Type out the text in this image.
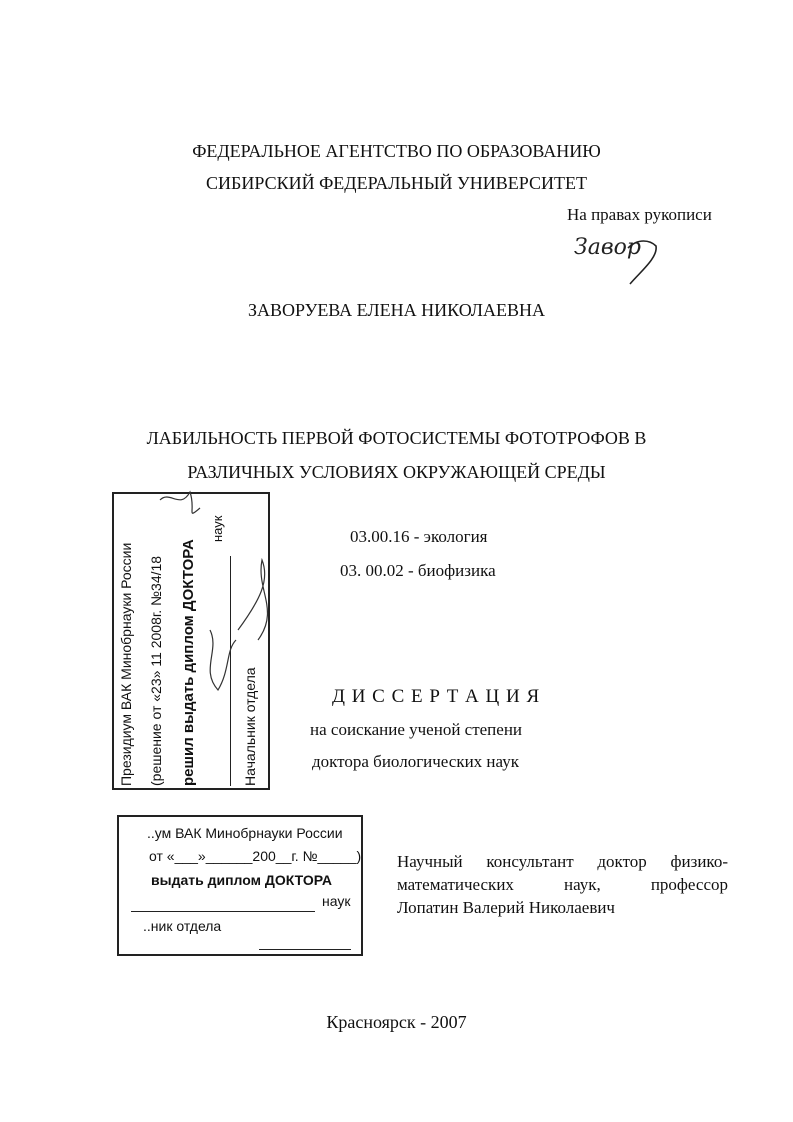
ФЕДЕРАЛЬНОЕ АГЕНТСТВО ПО ОБРАЗОВАНИЮ
СИБИРСКИЙ ФЕДЕРАЛЬНЫЙ УНИВЕРСИТЕТ
На правах рукописи
Завор
ЗАВОРУЕВА ЕЛЕНА НИКОЛАЕВНА
ЛАБИЛЬНОСТЬ ПЕРВОЙ ФОТОСИСТЕМЫ ФОТОТРОФОВ В
РАЗЛИЧНЫХ УСЛОВИЯХ ОКРУЖАЮЩЕЙ СРЕДЫ
03.00.16 - экология
03. 00.02 - биофизика
Д И С С Е Р Т А Ц И Я
на соискание ученой степени
доктора биологических наук
Президиум ВАК Минобрнауки России (решение от «23» 11 2008г. №34/18 решил выдать диплом ДОКТОРА
наук
Начальник отдела
..ум ВАК Минобрнауки России
от «___»______200__г. №_____)
выдать диплом ДОКТОРА
наук
..ник отдела
Научный консультант доктор физико-математических наук, профессор
Лопатин Валерий Николаевич
Красноярск - 2007
